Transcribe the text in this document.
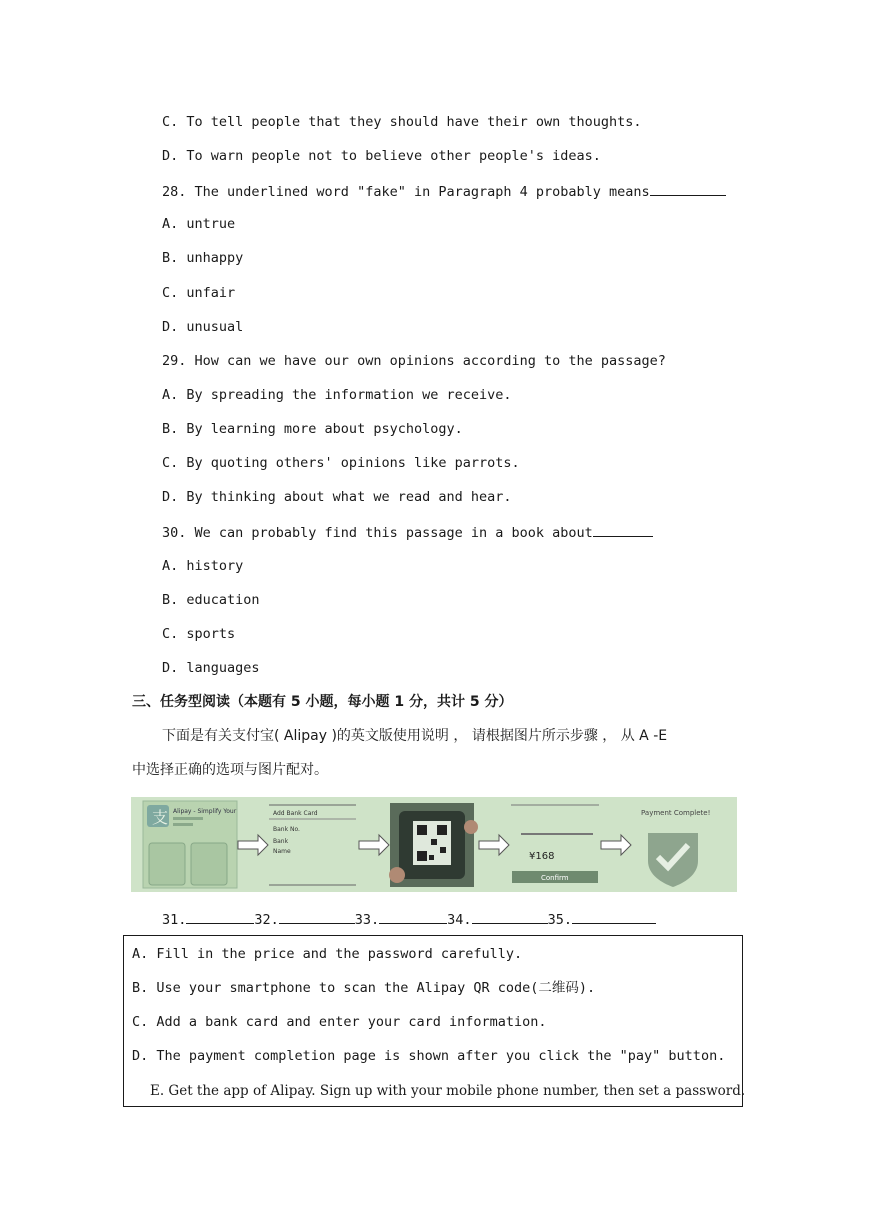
C. To tell people that they should have their own thoughts.
D. To warn people not to believe other people's ideas.
28. The underlined word "fake" in Paragraph 4 probably means
A. untrue
B. unhappy
C. unfair
D. unusual
29. How can we have our own opinions according to the passage?
A. By spreading the information we receive.
B. By learning more about psychology.
C. By quoting others' opinions like parrots.
D. By thinking about what we read and hear.
30. We can probably find this passage in a book about
A. history
B. education
C. sports
D. languages
三、任务型阅读（本题有 5 小题，每小题 1 分，共计 5 分）
下面是有关支付宝( Alipay )的英文版使用说明 ， 请根据图片所示步骤 ， 从 A -E
中选择正确的选项与图片配对。
支 Alipay - Simplify Your	Add Bank Card
Bank No.
Bank
Name	¥168
Confirm
Payment Complete!
31.	32.	33.	34.	35.
A. Fill in the price and the password carefully.
B. Use your smartphone to scan the Alipay QR code(二维码).
C. Add a bank card and enter your card information.
D. The payment completion page is shown after you click the "pay" button.
E. Get the app of Alipay. Sign up with your mobile phone number, then set a password.
